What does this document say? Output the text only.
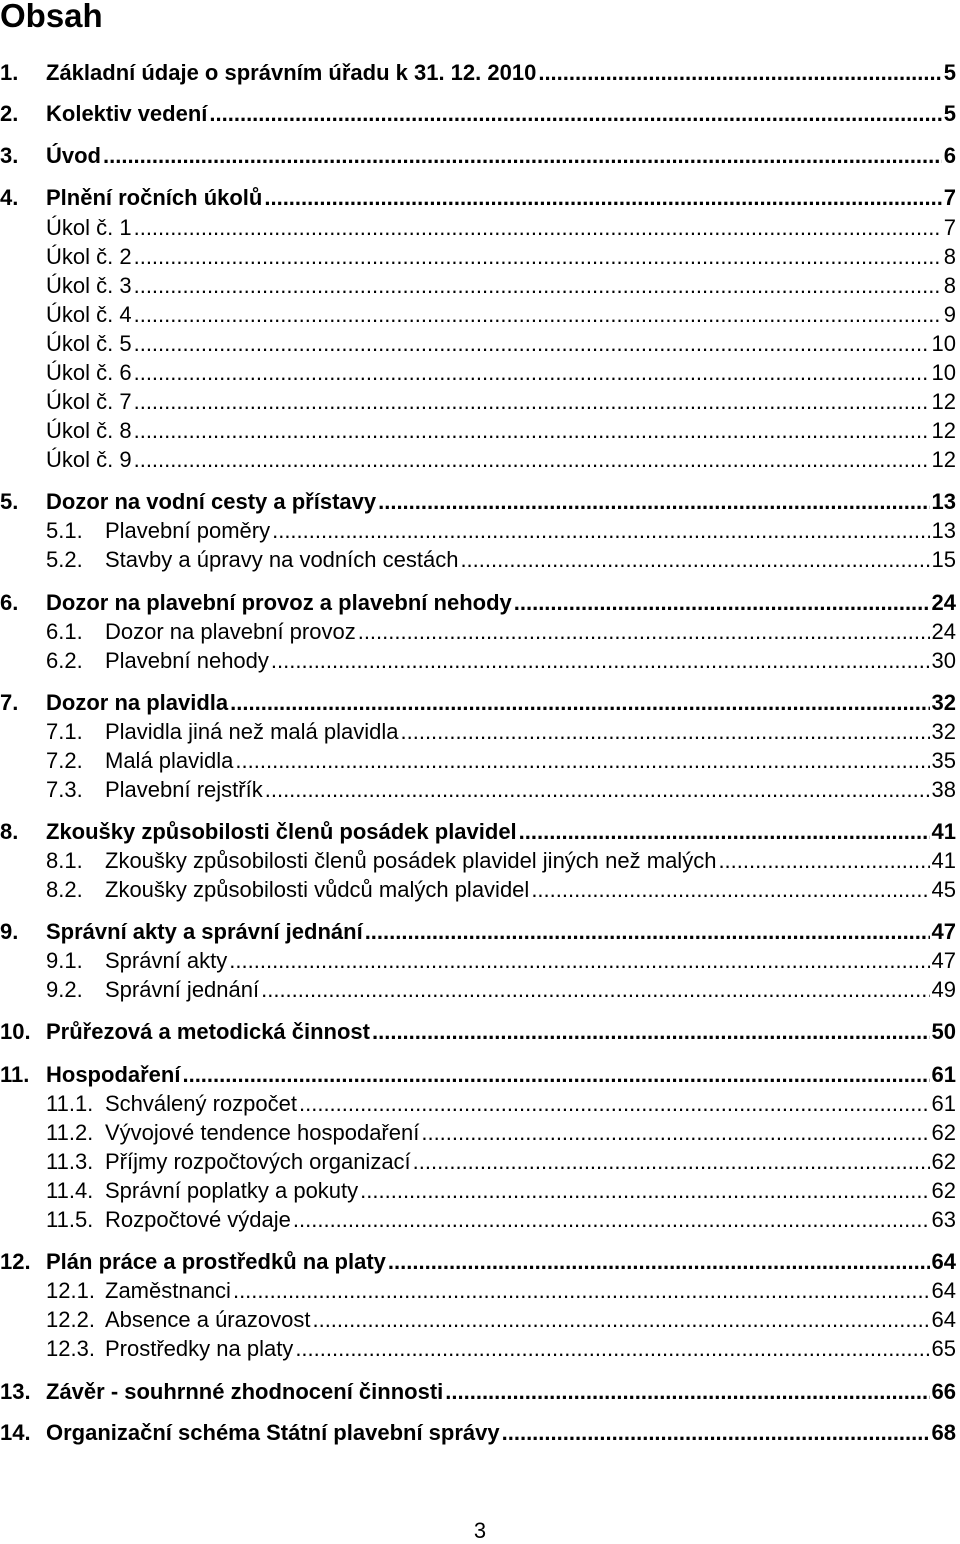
Obsah
1.	Základní údaje o správním úřadu k 31. 12. 2010 .....	5
2.	Kolektiv vedení .....	5
3.	Úvod .....	6
4.	Plnění ročních úkolů .....	7
Úkol č. 1 .....	7
Úkol č. 2 .....	8
Úkol č. 3 .....	8
Úkol č. 4 .....	9
Úkol č. 5 .....	10
Úkol č. 6 .....	10
Úkol č. 7 .....	12
Úkol č. 8 .....	12
Úkol č. 9 .....	12
5.	Dozor na vodní cesty a přístavy .....	13
5.1.	Plavební poměry .....	13
5.2.	Stavby a úpravy na vodních cestách .....	15
6.	Dozor na plavební provoz a plavební nehody .....	24
6.1.	Dozor na plavební provoz .....	24
6.2.	Plavební nehody .....	30
7.	Dozor na plavidla .....	32
7.1.	Plavidla jiná než malá plavidla .....	32
7.2.	Malá plavidla .....	35
7.3.	Plavební rejstřík .....	38
8.	Zkoušky způsobilosti členů posádek plavidel .....	41
8.1.	Zkoušky způsobilosti členů posádek plavidel jiných než malých .....	41
8.2.	Zkoušky způsobilosti vůdců malých plavidel .....	45
9.	Správní akty a správní jednání .....	47
9.1.	Správní akty .....	47
9.2.	Správní jednání .....	49
10. Průřezová a metodická činnost .....	50
11. Hospodaření .....	61
11.1. Schválený rozpočet .....	61
11.2. Vývojové tendence hospodaření .....	62
11.3. Příjmy rozpočtových organizací .....	62
11.4. Správní poplatky a pokuty .....	62
11.5. Rozpočtové výdaje .....	63
12. Plán práce a prostředků na platy .....	64
12.1. Zaměstnanci .....	64
12.2. Absence a úrazovost .....	64
12.3. Prostředky na platy .....	65
13. Závěr - souhrnné zhodnocení činnosti .....	66
14. Organizační schéma Státní plavební správy .....	68
3
